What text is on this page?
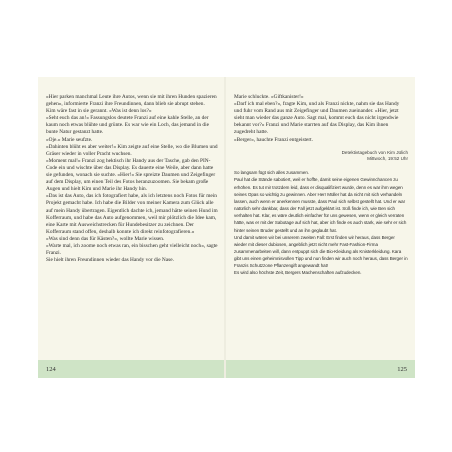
»Hier parken manchmal Leute ihre Autos, wenn sie mit ihren Hunden spazieren gehen«, informierte Franzi ihre Freundinnen, dann blieb sie abrupt stehen.

Kim wäre fast in sie gerannt. »Was ist denn los?«

»Seht euch das an!« Fassungslos deutete Franzi auf eine kahle Stelle, an der kaum noch etwas blühte und grünte. Es war wie ein Loch, das jemand in die bunte Natur gestanzt hatte.

»Oje.« Marie seufzte.

»Dahinten blüht es aber weiter!« Kim zeigte auf eine Stelle, wo die Blumen und Gräser wieder in voller Pracht wuchsen.

»Moment mal!« Franzi zog hektisch ihr Handy aus der Tasche, gab den PIN-Code ein und wischte über das Display. Es dauerte eine Weile, aber dann hatte sie gefunden, wonach sie suchte. »Hier!« Sie spreizte Daumen und Zeigefinger auf dem Display, um einen Teil des Fotos heranzuzoomen. Sie bekam große Augen und hielt Kim und Marie ihr Handy hin.

»Das ist das Auto, das ich fotografiert habe, als ich letztens noch Fotos für mein Projekt gemacht habe. Ich habe die Bilder von meiner Kamera zum Glück alle auf mein Handy übertragen. Eigentlich dachte ich, jemand hätte seinen Hund im Kofferraum, und habe das Auto aufgenommen, weil mir plötzlich die Idee kam, eine Karte mit Ausweichstrecken für Hundebesitzer zu zeichnen. Der Kofferraum stand offen, deshalb konnte ich direkt reinfotografieren.«

»Was sind denn das für Kästen?«, wollte Marie wissen.

»Warte mal, ich zoome noch etwas ran, ein bisschen geht vielleicht noch«, sagte Franzi.

Sie hielt ihren Freundinnen wieder das Handy vor die Nase.

124

Marie schluckte. »Giftkanister!«

»Darf ich mal eben?«, fragte Kim, und als Franzi nickte, nahm sie das Handy und fuhr vom Rand aus mit Zeigefinger und Daumen zueinander. »Hier, jetzt sieht man wieder das ganze Auto. Sagt mal, kommt euch das nicht irgendwie bekannt vor?« Franzi und Marie starrten auf das Display, das Kim ihnen zugedreht hatte.

»Berger«, hauchte Franzi entgeistert.

Detektivtagebuch von Kim Jülich
Mittwoch, 19:52 Uhr

So langsam fügt sich alles zusammen.

Paul hat die Stände sabotiert, weil er hoffte, damit seine eigenen Gewinnchancen zu erhöhen. Es tut mir trotzdem leid, dass er disqualifiziert wurde, denn es war ihm wegen seines Opas so wichtig zu gewinnen. Aber Herr Müller hat da nicht mit sich verhandeln lassen, auch wenn er anerkennen musste, dass Paul sich selbst gestellt hat. Und er war natürlich sehr dankbar, dass der Fall jetzt aufgeklärt ist. Süß finde ich, wie Ben sich verhalten hat. Klar, es wäre deutlich einfacher für uns gewesen, wenn er gleich verraten hätte, was er mit der Sabotage auf sich hat, aber ich finde es auch stark, wie sehr er sich hinter seinen Bruder gestellt und an ihn geglaubt hat.

Und damit wären wir bei unserem zweiten Fall: Erst finden wir heraus, dass Berger wieder mit dieser dubiosen, angeblich jetzt nicht mehr Fast-Fashion-Firma zusammenarbeiten will, dann entpuppt sich die Bio-Kleidung als Knisterkleidung. Kara gibt uns einen geheimnisvollen Tipp und nun finden wir auch noch heraus, dass Berger in Franzis Schutzzone Pflanzengift angewandt hat!

Es wird also höchste Zeit, Bergers Machenschaften aufzudecken.

125
